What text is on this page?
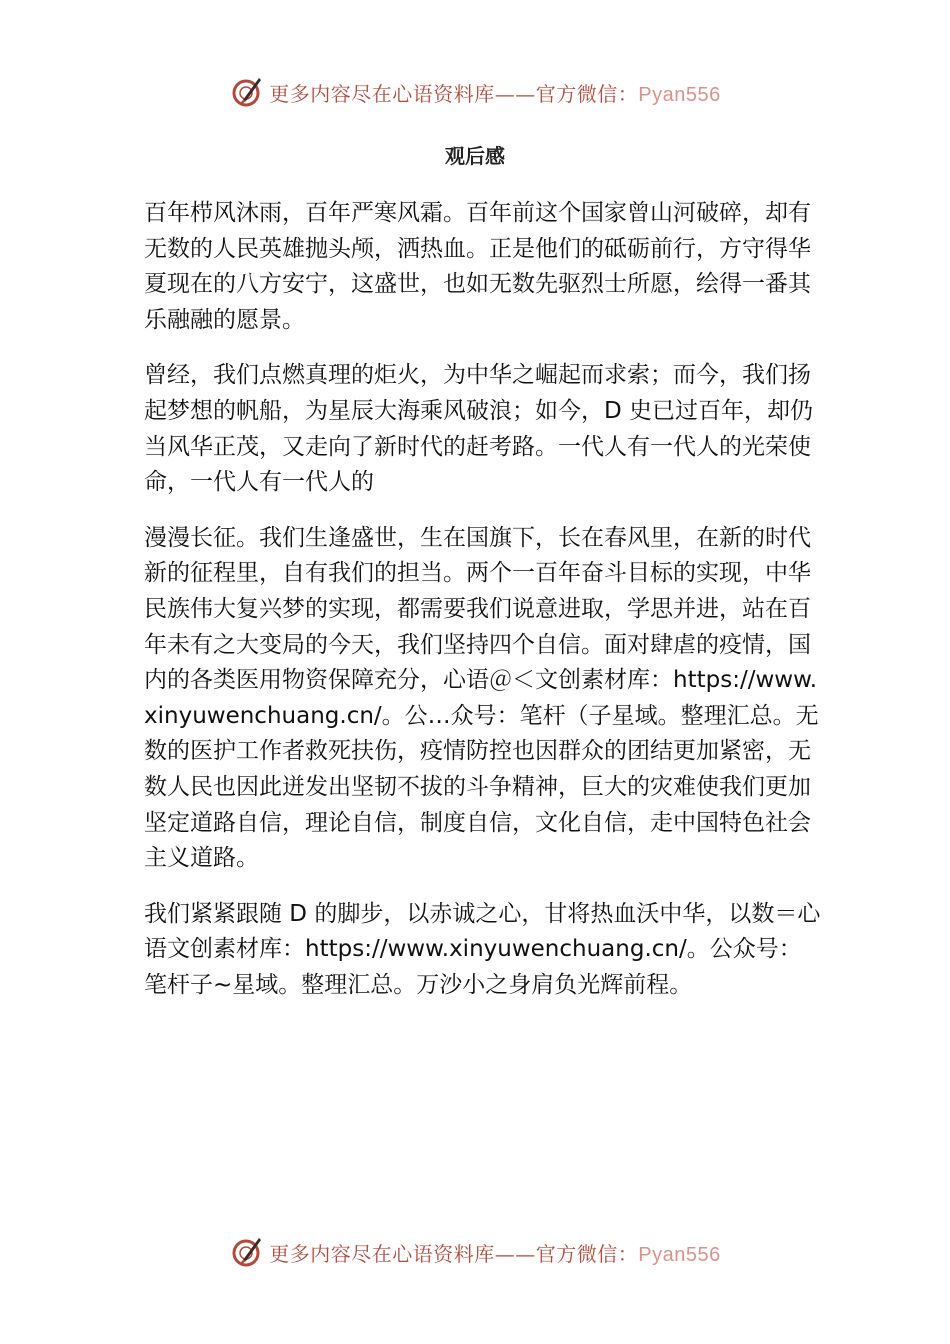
更多内容尽在心语资料库——官方微信：Pyan556
观后感

百年栉风沐雨，百年严寒风霜。百年前这个国家曾山河破碎，却有无数的人民英雄抛头颅，洒热血。正是他们的砥砺前行，方守得华夏现在的八方安宁，这盛世，也如无数先驱烈士所愿，绘得一番其乐融融的愿景。

曾经，我们点燃真理的炬火，为中华之崛起而求索；而今，我们扬起梦想的帆船，为星辰大海乘风破浪；如今，D 史已过百年，却仍当风华正茂，又走向了新时代的赶考路。一代人有一代人的光荣使命，一代人有一代人的

漫漫长征。我们生逢盛世，生在国旗下，长在春风里，在新的时代新的征程里，自有我们的担当。两个一百年奋斗目标的实现，中华民族伟大复兴梦的实现，都需要我们说意进取，学思并进，站在百年未有之大变局的今天，我们坚持四个自信。面对肆虐的疫情，国内的各类医用物资保障充分，心语＠＜文创素材库：https://www.xinyuwenchuang.cn/。公…众号：笔杆（子星域。整理汇总。无数的医护工作者救死扶伤，疫情防控也因群众的团结更加紧密，无数人民也因此迸发出坚韧不拔的斗争精神，巨大的灾难使我们更加坚定道路自信，理论自信，制度自信，文化自信，走中国特色社会主义道路。

我们紧紧跟随 D 的脚步，以赤诚之心，甘将热血沃中华，以数＝心语文创素材库：https://www.xinyuwenchuang.cn/。公众号：笔杆子~星域。整理汇总。万沙小之身肩负光辉前程。

更多内容尽在心语资料库——官方微信：Pyan556
